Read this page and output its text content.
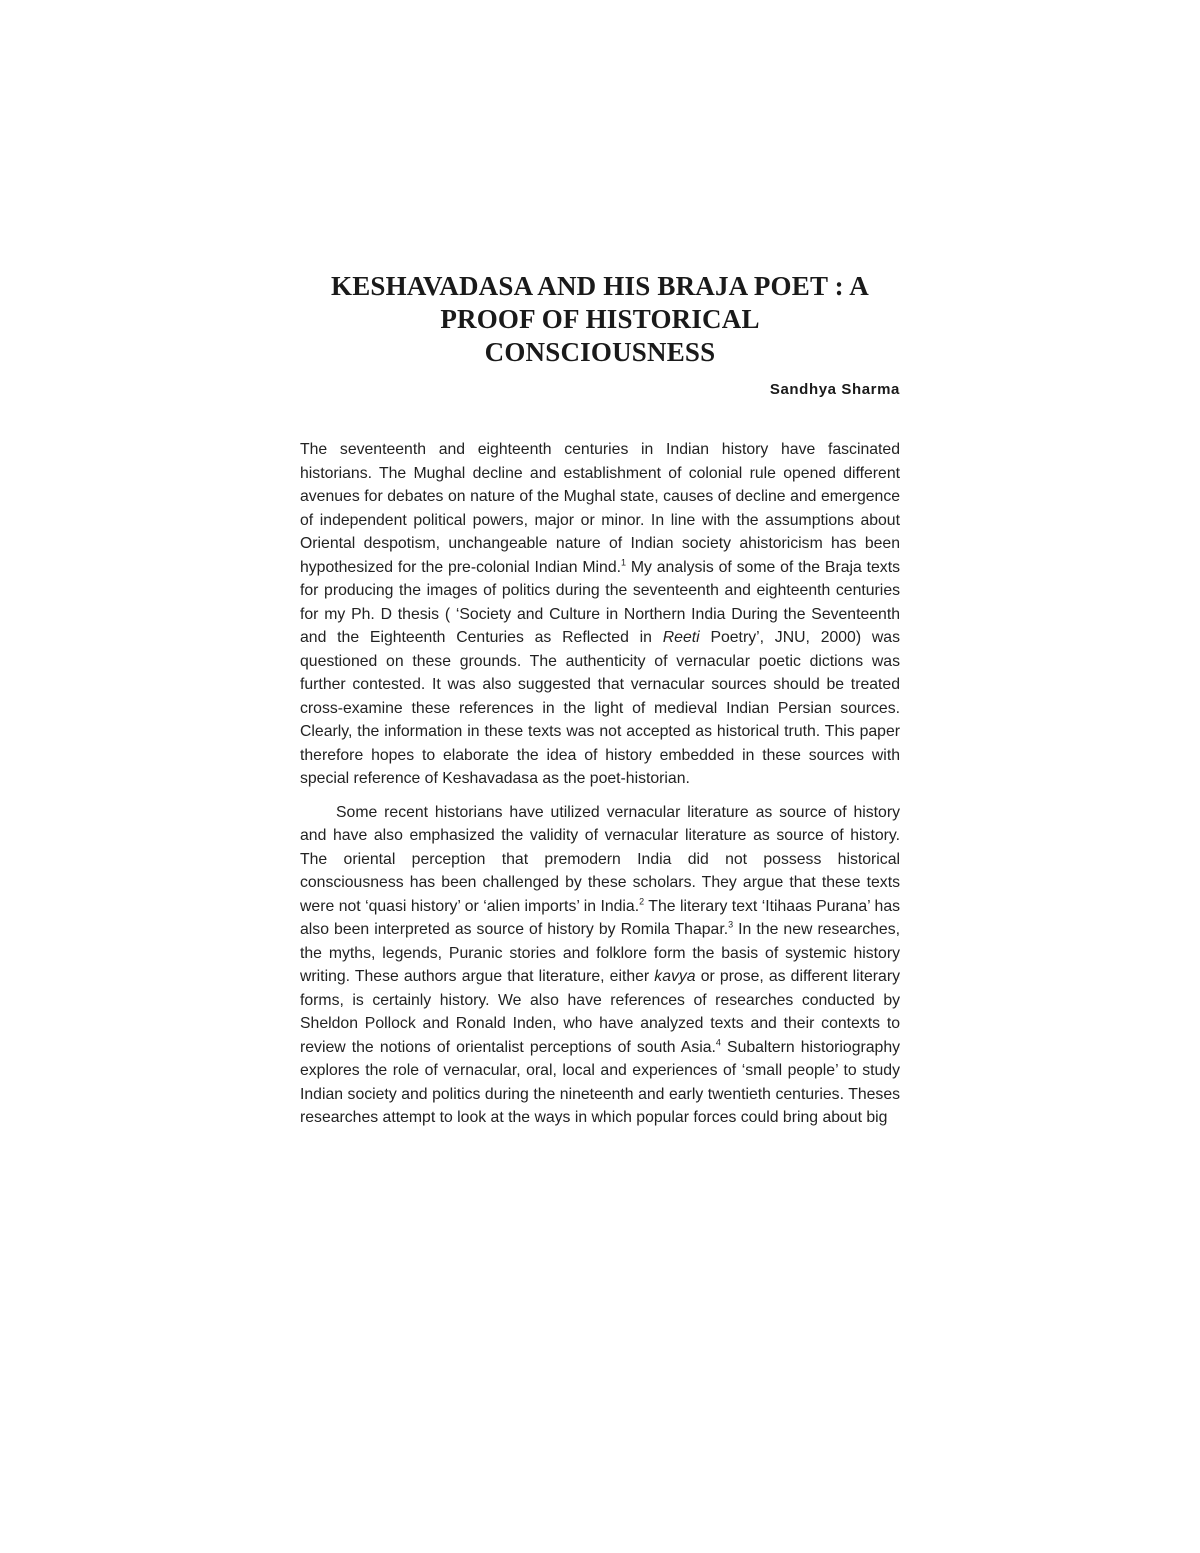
KESHAVADASA AND HIS BRAJA POET : A
PROOF OF HISTORICAL
CONSCIOUSNESS
Sandhya Sharma

The seventeenth and eighteenth centuries in Indian history have fascinated historians. The Mughal decline and establishment of colonial rule opened different avenues for debates on nature of the Mughal state, causes of decline and emergence of independent political powers, major or minor. In line with the assumptions about Oriental despotism, unchangeable nature of Indian society ahistoricism has been hypothesized for the pre-colonial Indian Mind.$^1$ My analysis of some of the Braja texts for producing the images of politics during the seventeenth and eighteenth centuries for my Ph. D thesis ( ‘Society and Culture in Northern India During the Seventeenth and the Eighteenth Centuries as Reflected in Reeti Poetry’, JNU, 2000) was questioned on these grounds. The authenticity of vernacular poetic dictions was further contested. It was also suggested that vernacular sources should be treated cross-examine these references in the light of medieval Indian Persian sources. Clearly, the information in these texts was not accepted as historical truth. This paper therefore hopes to elaborate the idea of history embedded in these sources with special reference of Keshavadasa as the poet-historian.

Some recent historians have utilized vernacular literature as source of history and have also emphasized the validity of vernacular literature as source of history. The oriental perception that premodern India did not possess historical consciousness has been challenged by these scholars. They argue that these texts were not ‘quasi history’ or ‘alien imports’ in India.$^2$ The literary text ‘Itihaas Purana’ has also been interpreted as source of history by Romila Thapar.$^3$ In the new researches, the myths, legends, Puranic stories and folklore form the basis of systemic history writing. These authors argue that literature, either kavya or prose, as different literary forms, is certainly history. We also have references of researches conducted by Sheldon Pollock and Ronald Inden, who have analyzed texts and their contexts to review the notions of orientalist perceptions of south Asia.$^4$ Subaltern historiography explores the role of vernacular, oral, local and experiences of ‘small people’ to study Indian society and politics during the nineteenth and early twentieth centuries. Theses researches attempt to look at the ways in which popular forces could bring about big
